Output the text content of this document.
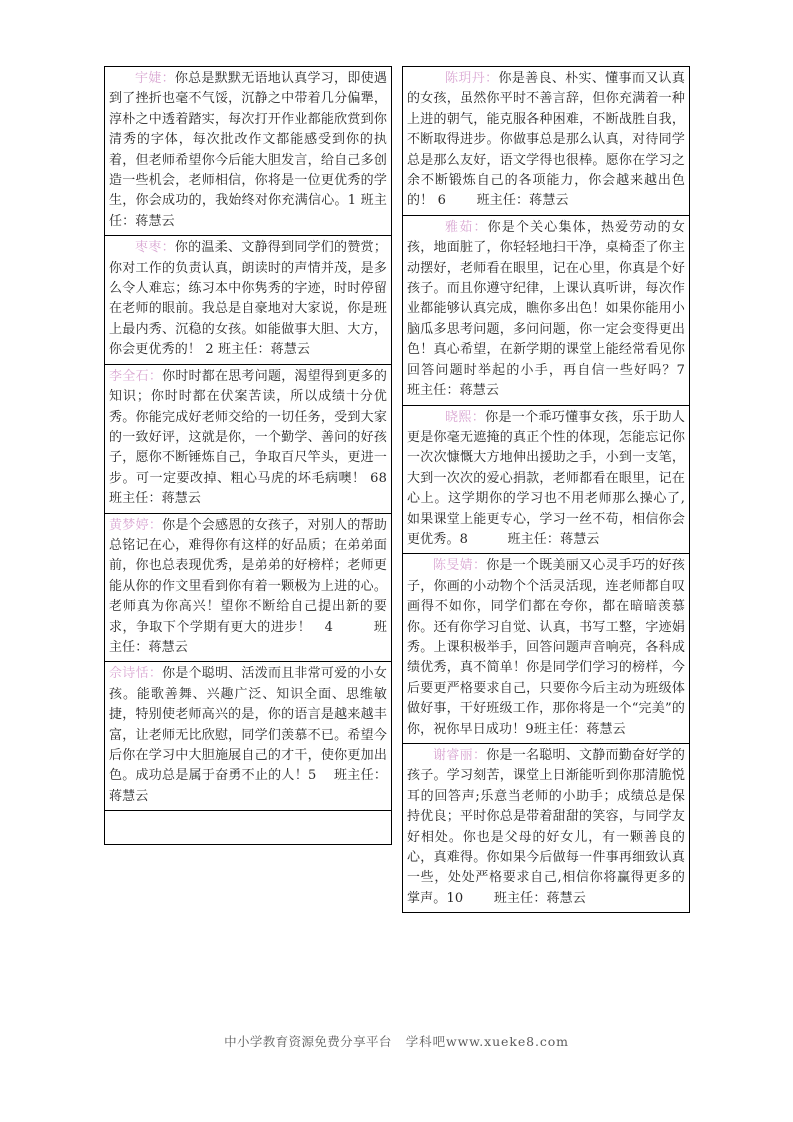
宇婕：你总是默默无语地认真学习，即使遇到了挫折也毫不气馁，沉静之中带着几分偏犟，淳朴之中透着踏实，每次打开作业都能欣赏到你清秀的字体，每次批改作文都能感受到你的执着，但老师希望你今后能大胆发言，给自己多创造一些机会，老师相信，你将是一位更优秀的学生，你会成功的，我始终对你充满信心。1 班主任：蒋慧云

枣枣：你的温柔、文静得到同学们的赞赏；你对工作的负责认真，朗读时的声情并茂，是多么令人难忘；练习本中你隽秀的字迹，时时停留在老师的眼前。我总是自豪地对大家说，你是班上最内秀、沉稳的女孩。如能做事大胆、大方，你会更优秀的！ 2 班主任：蒋慧云

李全石：你时时都在思考问题，渴望得到更多的知识；你时时都在伏案苦读，所以成绩十分优秀。你能完成好老师交给的一切任务，受到大家的一致好评，这就是你，一个勤学、善问的好孩子，愿你不断锤炼自己，争取百尺竿头，更进一步。可一定要改掉、粗心马虎的坏毛病噢！ 68 班主任：蒋慧云

黄梦婷：你是个会感恩的女孩子，对别人的帮助总铭记在心，难得你有这样的好品质；在弟弟面前，你也总表现优秀，是弟弟的好榜样；老师更能从你的作文里看到你有着一颗极为上进的心。老师真为你高兴！望你不断给自己提出新的要求，争取下个学期有更大的进步！　4　　　班主任：蒋慧云

佘诗恬：你是个聪明、活泼而且非常可爱的小女孩。能歌善舞、兴趣广泛、知识全面、思维敏捷，特别使老师高兴的是，你的语言是越来越丰富，让老师无比欣慰，同学们羡慕不已。希望今后你在学习中大胆施展自己的才干，使你更加出色。成功总是属于奋勇不止的人！5 　班主任：蒋慧云

陈玥丹：你是善良、朴实、懂事而又认真的女孩，虽然你平时不善言辞，但你充满着一种上进的朝气，能克服各种困难，不断战胜自我，不断取得进步。你做事总是那么认真，对待同学总是那么友好，语文学得也很棒。愿你在学习之余不断锻炼自己的各项能力，你会越来越出色的！ 6　　 班主任：蒋慧云

雅茹：你是个关心集体，热爱劳动的女孩，地面脏了，你轻轻地扫干净，桌椅歪了你主动摆好，老师看在眼里，记在心里，你真是个好孩子。而且你遵守纪律，上课认真听讲，每次作业都能够认真完成，瞧你多出色！如果你能用小脑瓜多思考问题，多问问题，你一定会变得更出色！真心希望，在新学期的课堂上能经常看见你回答问题时举起的小手，再自信一些好吗？7　班主任：蒋慧云

晓熙：你是一个乖巧懂事女孩，乐于助人更是你毫无遮掩的真正个性的体现，怎能忘记你一次次慷慨大方地伸出援助之手，小到一支笔，大到一次次的爱心捐款，老师都看在眼里，记在心上。这学期你的学习也不用老师那么操心了,如果课堂上能更专心，学习一丝不苟，相信你会更优秀。8　　　班主任：蒋慧云

陈旻婧：你是一个既美丽又心灵手巧的好孩子，你画的小动物个个活灵活现，连老师都自叹画得不如你，同学们都在夸你，都在暗暗羡慕你。还有你学习自觉、认真，书写工整，字迹娟秀。上课积极举手，回答问题声音响亮，各科成绩优秀，真不简单！你是同学们学习的榜样，今后要更严格要求自己，只要你今后主动为班级体做好事，干好班级工作，那你将是一个“完美”的你，祝你早日成功！9班主任：蒋慧云

谢睿丽：你是一名聪明、文静而勤奋好学的孩子。学习刻苦，课堂上日渐能听到你那清脆悦耳的回答声;乐意当老师的小助手；成绩总是保持优良；平时你总是带着甜甜的笑容，与同学友好相处。你也是父母的好女儿，有一颗善良的心，真难得。你如果今后做每一件事再细致认真一些，处处严格要求自己,相信你将赢得更多的掌声。10　　 班主任：蒋慧云

中小学教育资源免费分享平台 学科吧www.xueke8.com
